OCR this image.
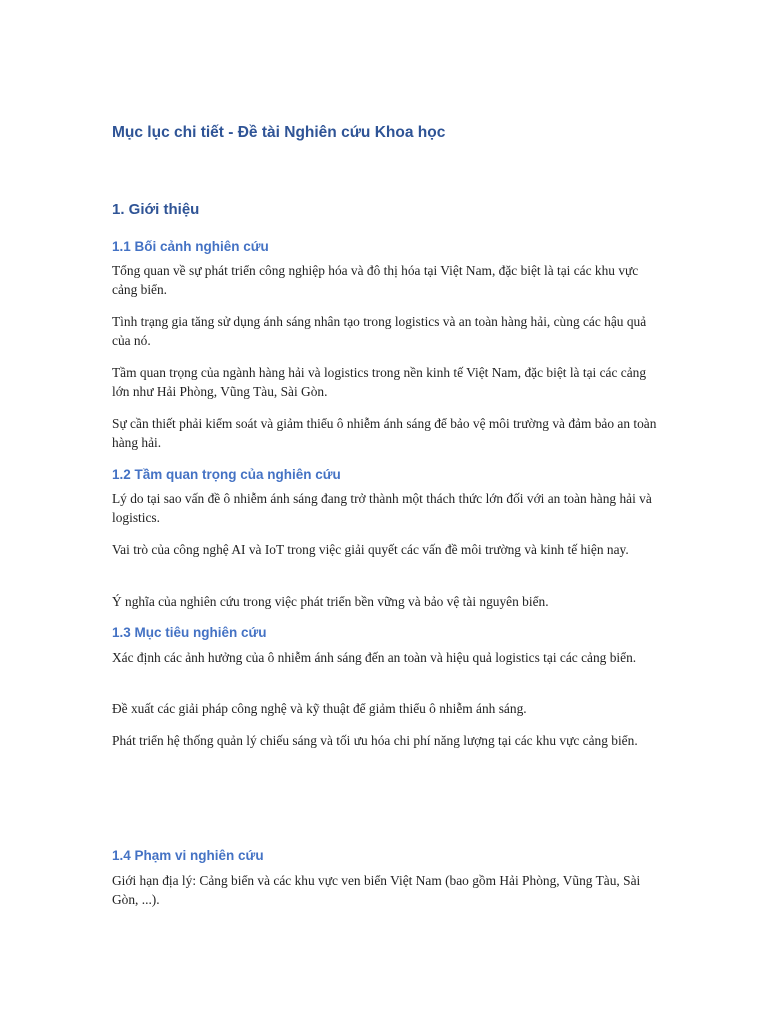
Mục lục chi tiết - Đề tài Nghiên cứu Khoa học
1. Giới thiệu
1.1 Bối cảnh nghiên cứu
Tổng quan về sự phát triển công nghiệp hóa và đô thị hóa tại Việt Nam, đặc biệt là tại các khu vực cảng biển.
Tình trạng gia tăng sử dụng ánh sáng nhân tạo trong logistics và an toàn hàng hải, cùng các hậu quả của nó.
Tầm quan trọng của ngành hàng hải và logistics trong nền kinh tế Việt Nam, đặc biệt là tại các cảng lớn như Hải Phòng, Vũng Tàu, Sài Gòn.
Sự cần thiết phải kiểm soát và giảm thiểu ô nhiễm ánh sáng để bảo vệ môi trường và đảm bảo an toàn hàng hải.
1.2 Tầm quan trọng của nghiên cứu
Lý do tại sao vấn đề ô nhiễm ánh sáng đang trở thành một thách thức lớn đối với an toàn hàng hải và logistics.
Vai trò của công nghệ AI và IoT trong việc giải quyết các vấn đề môi trường và kinh tế hiện nay.
Ý nghĩa của nghiên cứu trong việc phát triển bền vững và bảo vệ tài nguyên biển.
1.3 Mục tiêu nghiên cứu
Xác định các ảnh hưởng của ô nhiễm ánh sáng đến an toàn và hiệu quả logistics tại các cảng biển.
Đề xuất các giải pháp công nghệ và kỹ thuật để giảm thiểu ô nhiễm ánh sáng.
Phát triển hệ thống quản lý chiếu sáng và tối ưu hóa chi phí năng lượng tại các khu vực cảng biển.
1.4 Phạm vi nghiên cứu
Giới hạn địa lý: Cảng biển và các khu vực ven biển Việt Nam (bao gồm Hải Phòng, Vũng Tàu, Sài Gòn, ...).
